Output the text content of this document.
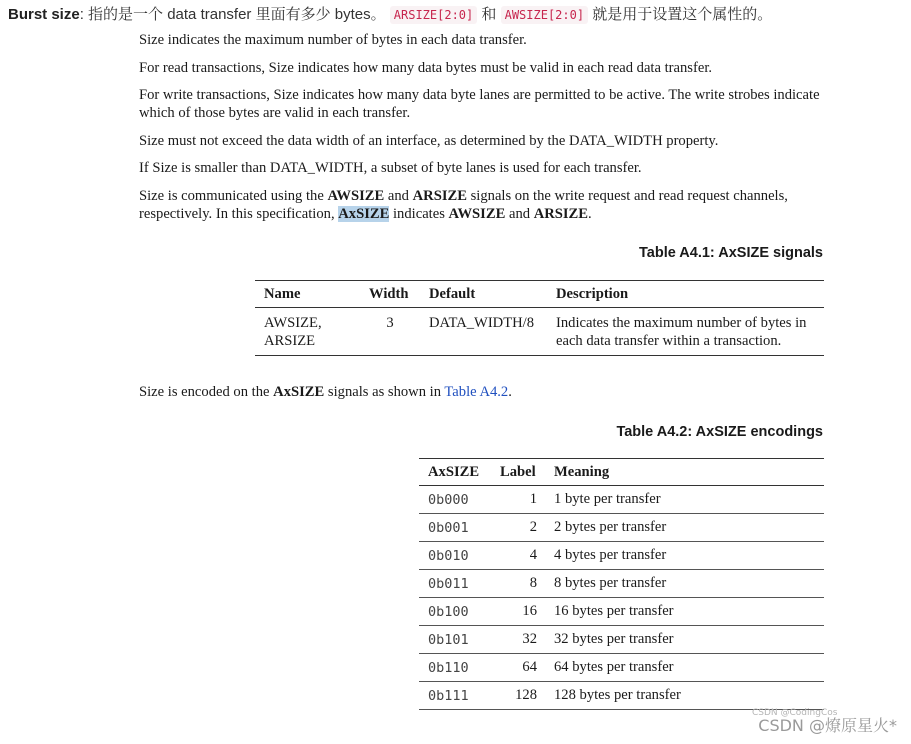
Burst size: 指的是一个 data transfer 里面有多少 bytes。 ARSIZE[2:0] 和 AWSIZE[2:0] 就是用于设置这个属性的。

Size indicates the maximum number of bytes in each data transfer.

For read transactions, Size indicates how many data bytes must be valid in each read data transfer.

For write transactions, Size indicates how many data byte lanes are permitted to be active. The write strobes indicate which of those bytes are valid in each transfer.

Size must not exceed the data width of an interface, as determined by the DATA_WIDTH property.

If Size is smaller than DATA_WIDTH, a subset of byte lanes is used for each transfer.

Size is communicated using the AWSIZE and ARSIZE signals on the write request and read request channels, respectively. In this specification, AxSIZE indicates AWSIZE and ARSIZE.

Table A4.1: AxSIZE signals
Name	Width	Default	Description
AWSIZE,
ARSIZE	3	DATA_WIDTH/8	Indicates the maximum number of bytes in each data transfer within a transaction.

Size is encoded on the AxSIZE signals as shown in Table A4.2.

Table A4.2: AxSIZE encodings
AxSIZE	Label	Meaning
0b000	1	1 byte per transfer
0b001	2	2 bytes per transfer
0b010	4	4 bytes per transfer
0b011	8	8 bytes per transfer
0b100	16	16 bytes per transfer
0b101	32	32 bytes per transfer
0b110	64	64 bytes per transfer
0b111	128	128 bytes per transfer
CSDN @CodingCos
CSDN @燎原星火*
